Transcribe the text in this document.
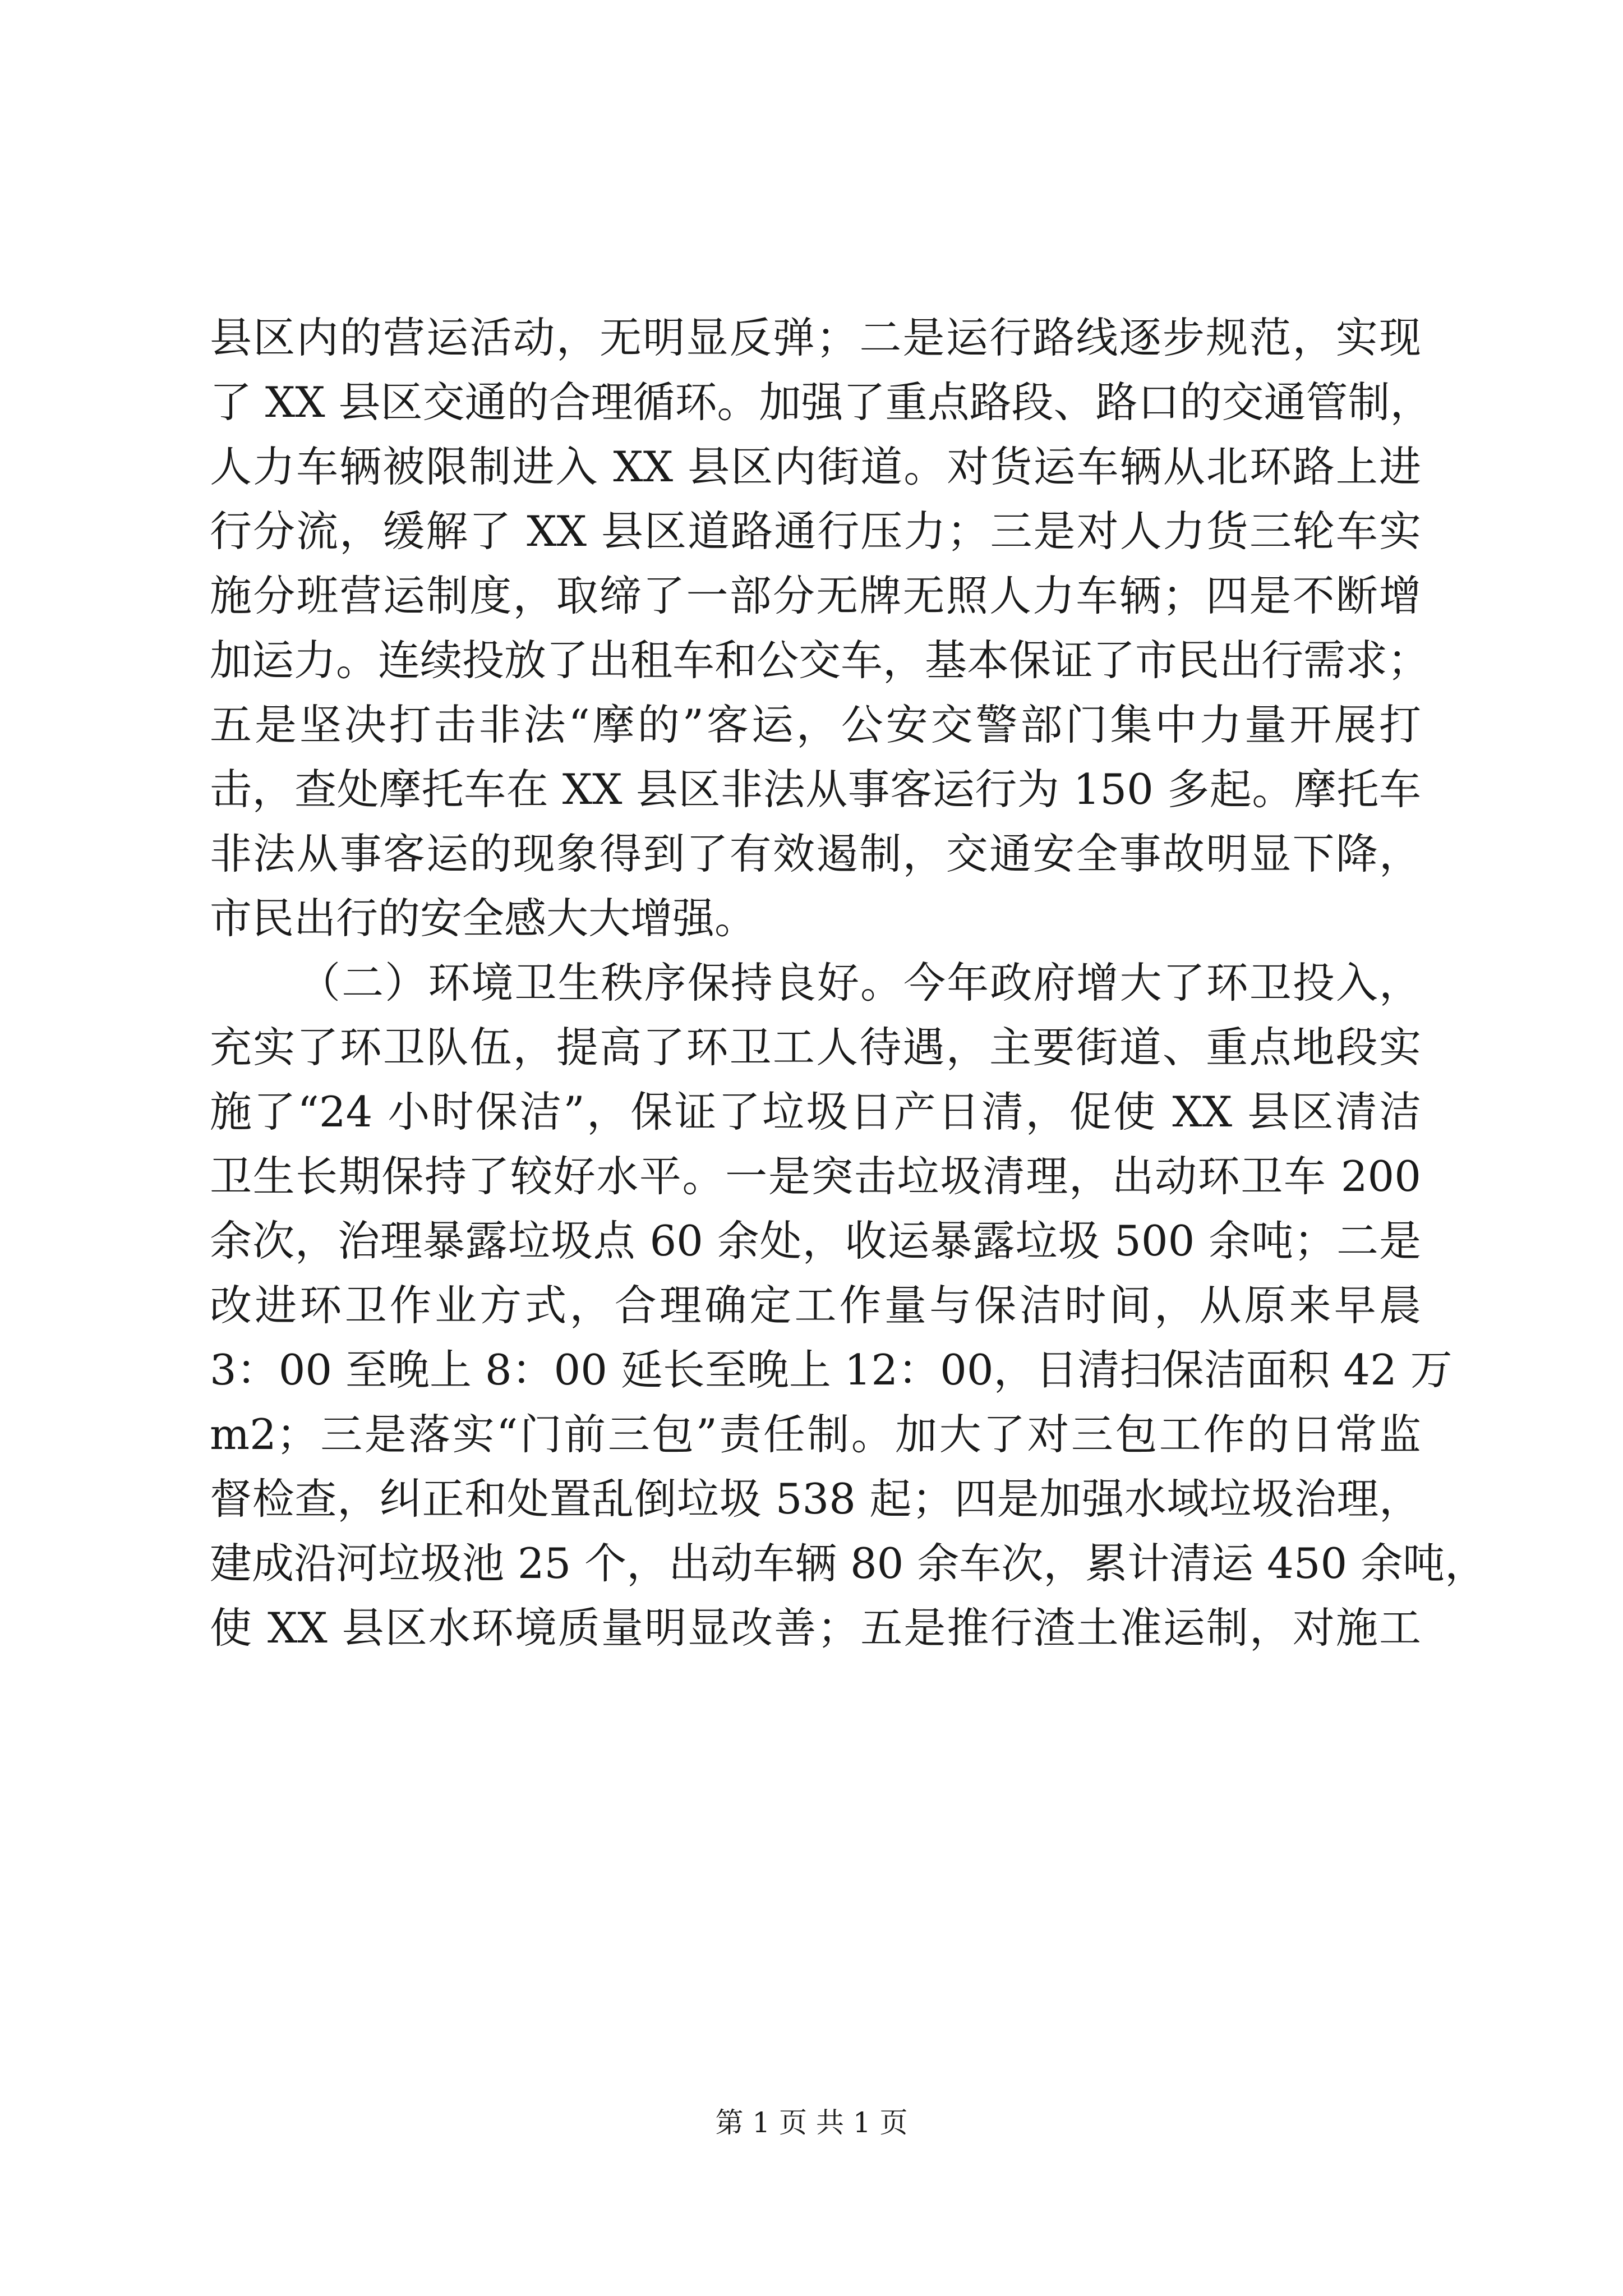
县区内的营运活动，无明显反弹；二是运行路线逐步规范，实现
了 XX 县区交通的合理循环。加强了重点路段、路口的交通管制，
人力车辆被限制进入 XX 县区内街道。对货运车辆从北环路上进
行分流，缓解了 XX 县区道路通行压力；三是对人力货三轮车实
施分班营运制度，取缔了一部分无牌无照人力车辆；四是不断增
加运力。连续投放了出租车和公交车，基本保证了市民出行需求；
五是坚决打击非法“摩的”客运，公安交警部门集中力量开展打
击，查处摩托车在 XX 县区非法从事客运行为 150 多起。摩托车
非法从事客运的现象得到了有效遏制，交通安全事故明显下降，
市民出行的安全感大大增强。
（二）环境卫生秩序保持良好。今年政府增大了环卫投入，
充实了环卫队伍，提高了环卫工人待遇，主要街道、重点地段实
施了“24 小时保洁”，保证了垃圾日产日清，促使 XX 县区清洁
卫生长期保持了较好水平。一是突击垃圾清理，出动环卫车 200
余次，治理暴露垃圾点 60 余处，收运暴露垃圾 500 余吨；二是
改进环卫作业方式，合理确定工作量与保洁时间，从原来早晨
3：00 至晚上 8：00 延长至晚上 12：00，日清扫保洁面积 42 万
m2；三是落实“门前三包”责任制。加大了对三包工作的日常监
督检查，纠正和处置乱倒垃圾 538 起；四是加强水域垃圾治理，
建成沿河垃圾池 25 个，出动车辆 80 余车次，累计清运 450 余吨，
使 XX 县区水环境质量明显改善；五是推行渣土准运制，对施工
第 1 页 共 1 页
